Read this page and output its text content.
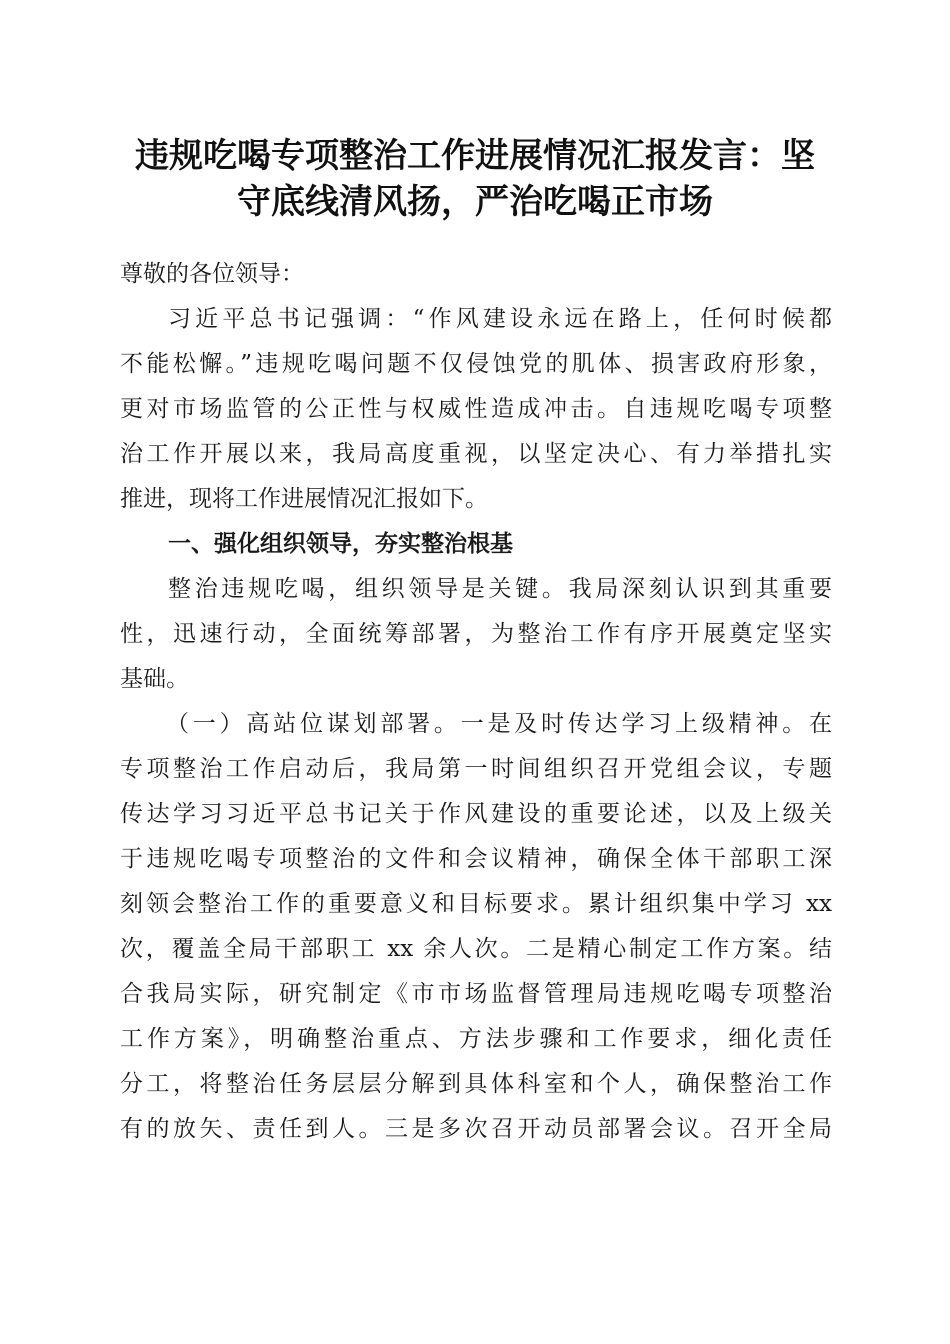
违规吃喝专项整治工作进展情况汇报发言：坚
守底线清风扬，严治吃喝正市场
尊敬的各位领导：
习近平总书记强调：“作风建设永远在路上，任何时候都
不能松懈。”违规吃喝问题不仅侵蚀党的肌体、损害政府形象，
更对市场监管的公正性与权威性造成冲击。自违规吃喝专项整
治工作开展以来，我局高度重视，以坚定决心、有力举措扎实
推进，现将工作进展情况汇报如下。
一、强化组织领导，夯实整治根基
整治违规吃喝，组织领导是关键。我局深刻认识到其重要
性，迅速行动，全面统筹部署，为整治工作有序开展奠定坚实
基础。
（一）高站位谋划部署。一是及时传达学习上级精神。在
专项整治工作启动后，我局第一时间组织召开党组会议，专题
传达学习习近平总书记关于作风建设的重要论述，以及上级关
于违规吃喝专项整治的文件和会议精神，确保全体干部职工深
刻领会整治工作的重要意义和目标要求。累计组织集中学习 xx
次，覆盖全局干部职工 xx 余人次。二是精心制定工作方案。结
合我局实际，研究制定《市市场监督管理局违规吃喝专项整治
工作方案》，明确整治重点、方法步骤和工作要求，细化责任
分工，将整治任务层层分解到具体科室和个人，确保整治工作
有的放矢、责任到人。三是多次召开动员部署会议。召开全局
